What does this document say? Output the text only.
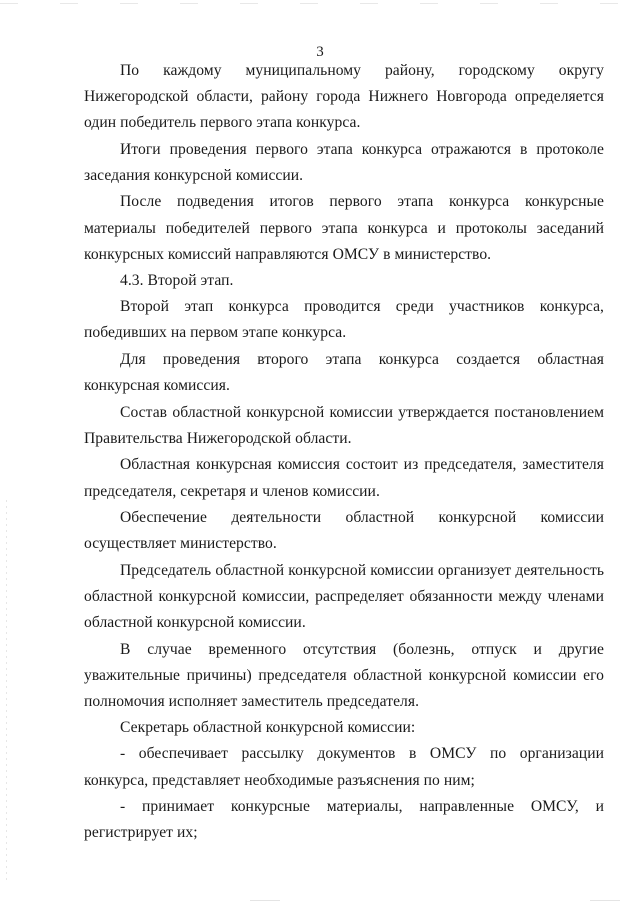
3

По каждому муниципальному району, городскому округу Нижегородской области, району города Нижнего Новгорода определяется один победитель первого этапа конкурса.

Итоги проведения первого этапа конкурса отражаются в протоколе заседания конкурсной комиссии.

После подведения итогов первого этапа конкурса конкурсные материалы победителей первого этапа конкурса и протоколы заседаний конкурсных комиссий направляются ОМСУ в министерство.

4.3. Второй этап.

Второй этап конкурса проводится среди участников конкурса, победивших на первом этапе конкурса.

Для проведения второго этапа конкурса создается областная конкурсная комиссия.

Состав областной конкурсной комиссии утверждается постановлением Правительства Нижегородской области.

Областная конкурсная комиссия состоит из председателя, заместителя председателя, секретаря и членов комиссии.

Обеспечение деятельности областной конкурсной комиссии осуществляет министерство.

Председатель областной конкурсной комиссии организует деятельность областной конкурсной комиссии, распределяет обязанности между членами областной конкурсной комиссии.

В случае временного отсутствия (болезнь, отпуск и другие уважительные причины) председателя областной конкурсной комиссии его полномочия исполняет заместитель председателя.

Секретарь областной конкурсной комиссии:

- обеспечивает рассылку документов в ОМСУ по организации конкурса, представляет необходимые разъяснения по ним;

- принимает конкурсные материалы, направленные ОМСУ, и регистрирует их;
